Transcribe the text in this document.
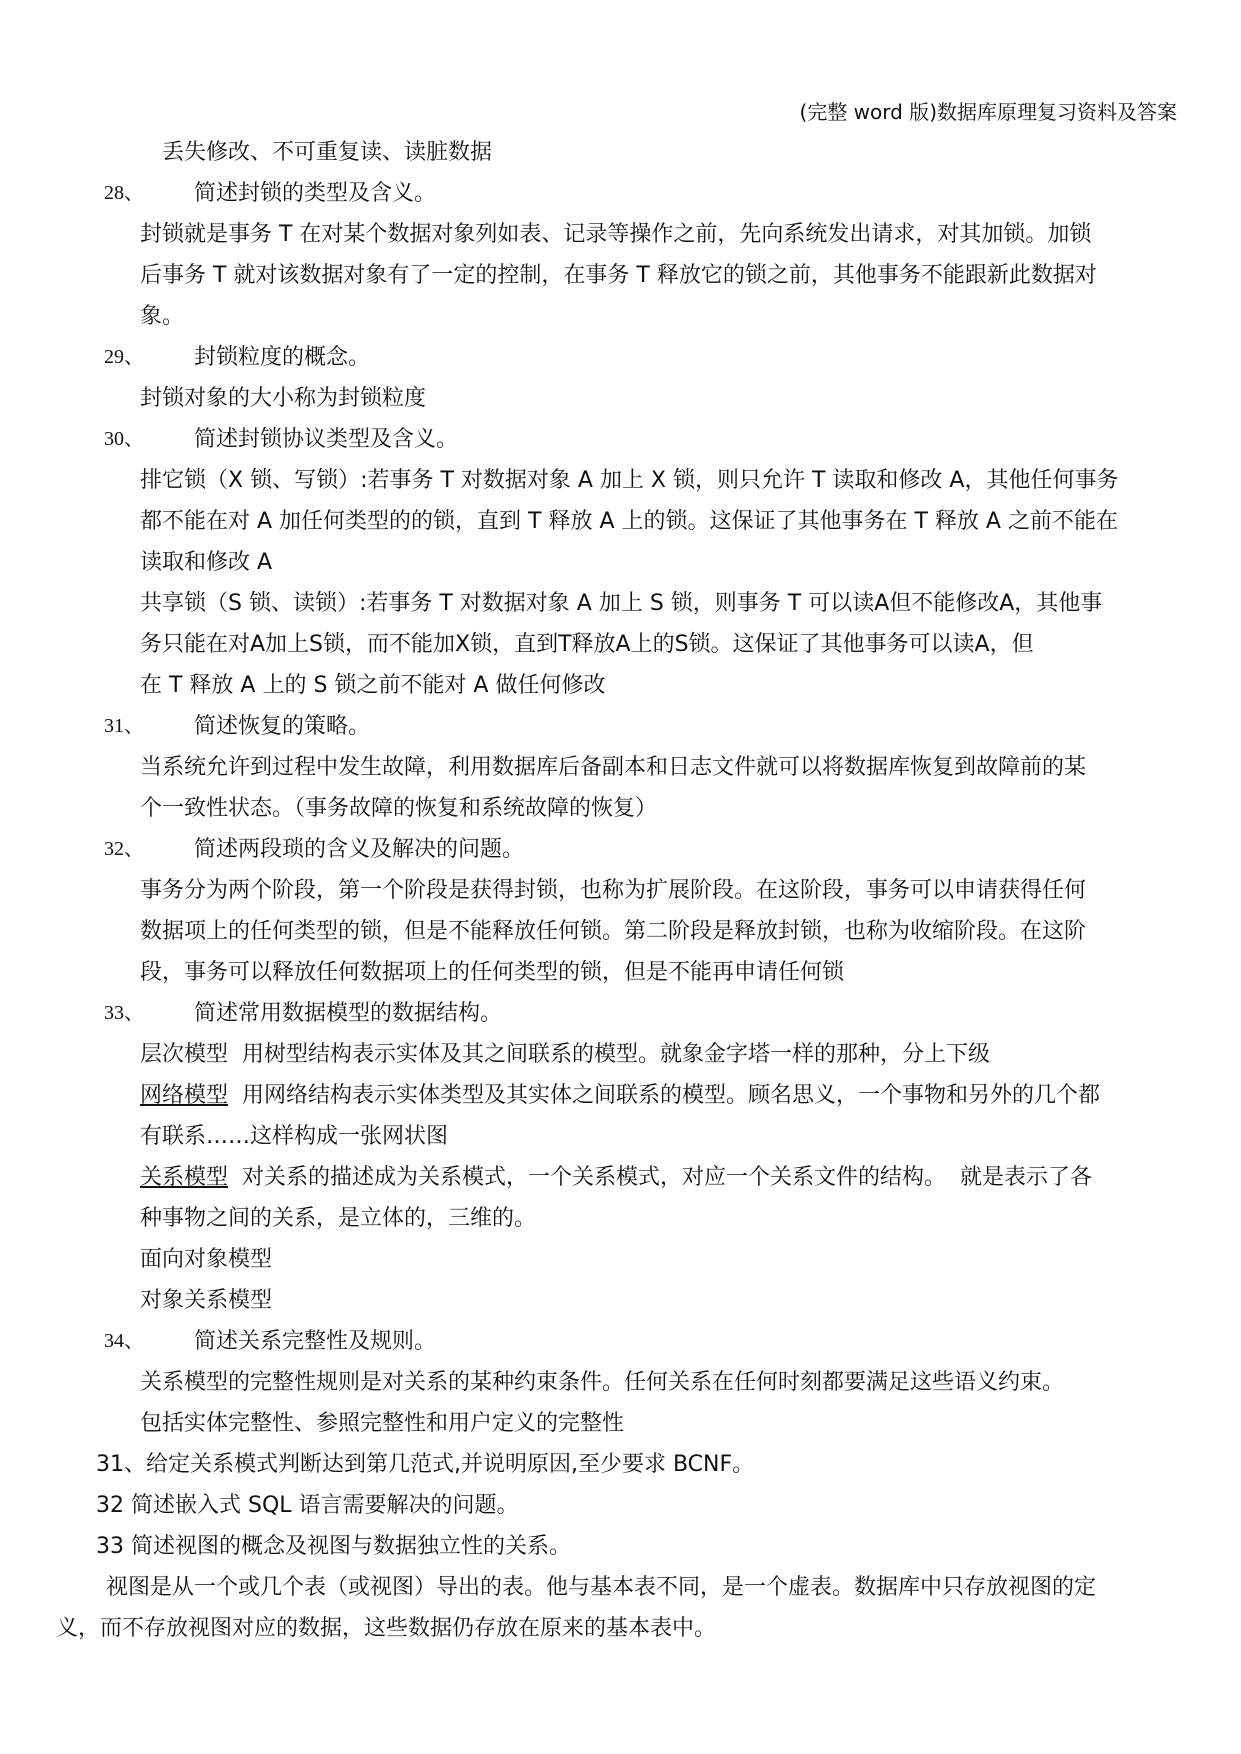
(完整 word 版)数据库原理复习资料及答案
丢失修改、不可重复读、读脏数据
28、	简述封锁的类型及含义。
封锁就是事务 T 在对某个数据对象列如表、记录等操作之前，先向系统发出请求，对其加锁。加锁
后事务 T 就对该数据对象有了一定的控制，在事务 T 释放它的锁之前，其他事务不能跟新此数据对
象。
29、	封锁粒度的概念。
封锁对象的大小称为封锁粒度
30、	简述封锁协议类型及含义。
排它锁（X 锁、写锁）:若事务 T 对数据对象 A 加上 X 锁，则只允许 T 读取和修改 A，其他任何事务
都不能在对 A 加任何类型的的锁，直到 T 释放 A 上的锁。这保证了其他事务在 T 释放 A 之前不能在
读取和修改 A
共享锁（S 锁、读锁）:若事务 T 对数据对象 A 加上 S 锁，则事务 T 可以读A但不能修改A，其他事
务只能在对A加上S锁，而不能加X锁，直到T释放A上的S锁。这保证了其他事务可以读A，但
在 T 释放 A 上的 S 锁之前不能对 A 做任何修改
31、	简述恢复的策略。
当系统允许到过程中发生故障，利用数据库后备副本和日志文件就可以将数据库恢复到故障前的某
个一致性状态。（事务故障的恢复和系统故障的恢复）
32、	简述两段琐的含义及解决的问题。
事务分为两个阶段，第一个阶段是获得封锁，也称为扩展阶段。在这阶段，事务可以申请获得任何
数据项上的任何类型的锁，但是不能释放任何锁。第二阶段是释放封锁，也称为收缩阶段。在这阶
段，事务可以释放任何数据项上的任何类型的锁，但是不能再申请任何锁
33、	简述常用数据模型的数据结构。
层次模型  用树型结构表示实体及其之间联系的模型。就象金字塔一样的那种，分上下级
网络模型  用网络结构表示实体类型及其实体之间联系的模型。顾名思义，一个事物和另外的几个都
有联系……这样构成一张网状图
关系模型  对关系的描述成为关系模式，一个关系模式，对应一个关系文件的结构。  就是表示了各
种事物之间的关系，是立体的，三维的。
面向对象模型
对象关系模型
34、	简述关系完整性及规则。
关系模型的完整性规则是对关系的某种约束条件。任何关系在任何时刻都要满足这些语义约束。
包括实体完整性、参照完整性和用户定义的完整性
31、给定关系模式判断达到第几范式,并说明原因,至少要求 BCNF。
32 简述嵌入式 SQL 语言需要解决的问题。
33 简述视图的概念及视图与数据独立性的关系。
视图是从一个或几个表（或视图）导出的表。他与基本表不同，是一个虚表。数据库中只存放视图的定
义，而不存放视图对应的数据，这些数据仍存放在原来的基本表中。
